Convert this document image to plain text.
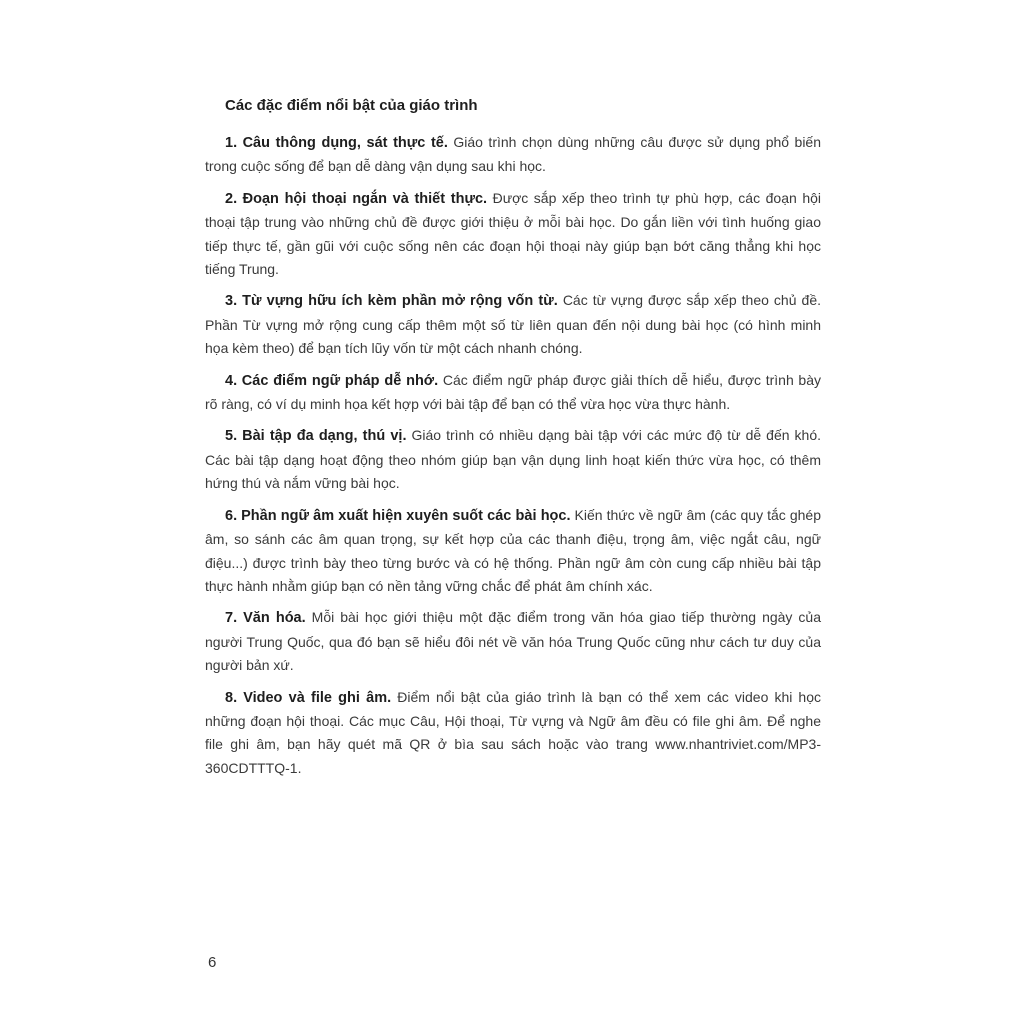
Các đặc điểm nổi bật của giáo trình

1. Câu thông dụng, sát thực tế. Giáo trình chọn dùng những câu được sử dụng phổ biến trong cuộc sống để bạn dễ dàng vận dụng sau khi học.

2. Đoạn hội thoại ngắn và thiết thực. Được sắp xếp theo trình tự phù hợp, các đoạn hội thoại tập trung vào những chủ đề được giới thiệu ở mỗi bài học. Do gắn liền với tình huống giao tiếp thực tế, gần gũi với cuộc sống nên các đoạn hội thoại này giúp bạn bớt căng thẳng khi học tiếng Trung.

3. Từ vựng hữu ích kèm phần mở rộng vốn từ. Các từ vựng được sắp xếp theo chủ đề. Phần Từ vựng mở rộng cung cấp thêm một số từ liên quan đến nội dung bài học (có hình minh họa kèm theo) để bạn tích lũy vốn từ một cách nhanh chóng.

4. Các điểm ngữ pháp dễ nhớ. Các điểm ngữ pháp được giải thích dễ hiểu, được trình bày rõ ràng, có ví dụ minh họa kết hợp với bài tập để bạn có thể vừa học vừa thực hành.

5. Bài tập đa dạng, thú vị. Giáo trình có nhiều dạng bài tập với các mức độ từ dễ đến khó. Các bài tập dạng hoạt động theo nhóm giúp bạn vận dụng linh hoạt kiến thức vừa học, có thêm hứng thú và nắm vững bài học.

6. Phần ngữ âm xuất hiện xuyên suốt các bài học. Kiến thức về ngữ âm (các quy tắc ghép âm, so sánh các âm quan trọng, sự kết hợp của các thanh điệu, trọng âm, việc ngắt câu, ngữ điệu...) được trình bày theo từng bước và có hệ thống. Phần ngữ âm còn cung cấp nhiều bài tập thực hành nhằm giúp bạn có nền tảng vững chắc để phát âm chính xác.

7. Văn hóa. Mỗi bài học giới thiệu một đặc điểm trong văn hóa giao tiếp thường ngày của người Trung Quốc, qua đó bạn sẽ hiểu đôi nét về văn hóa Trung Quốc cũng như cách tư duy của người bản xứ.

8. Video và file ghi âm. Điểm nổi bật của giáo trình là bạn có thể xem các video khi học những đoạn hội thoại. Các mục Câu, Hội thoại, Từ vựng và Ngữ âm đều có file ghi âm. Để nghe file ghi âm, bạn hãy quét mã QR ở bìa sau sách hoặc vào trang www.nhantriviet.com/MP3-360CDTTTQ-1.

6
